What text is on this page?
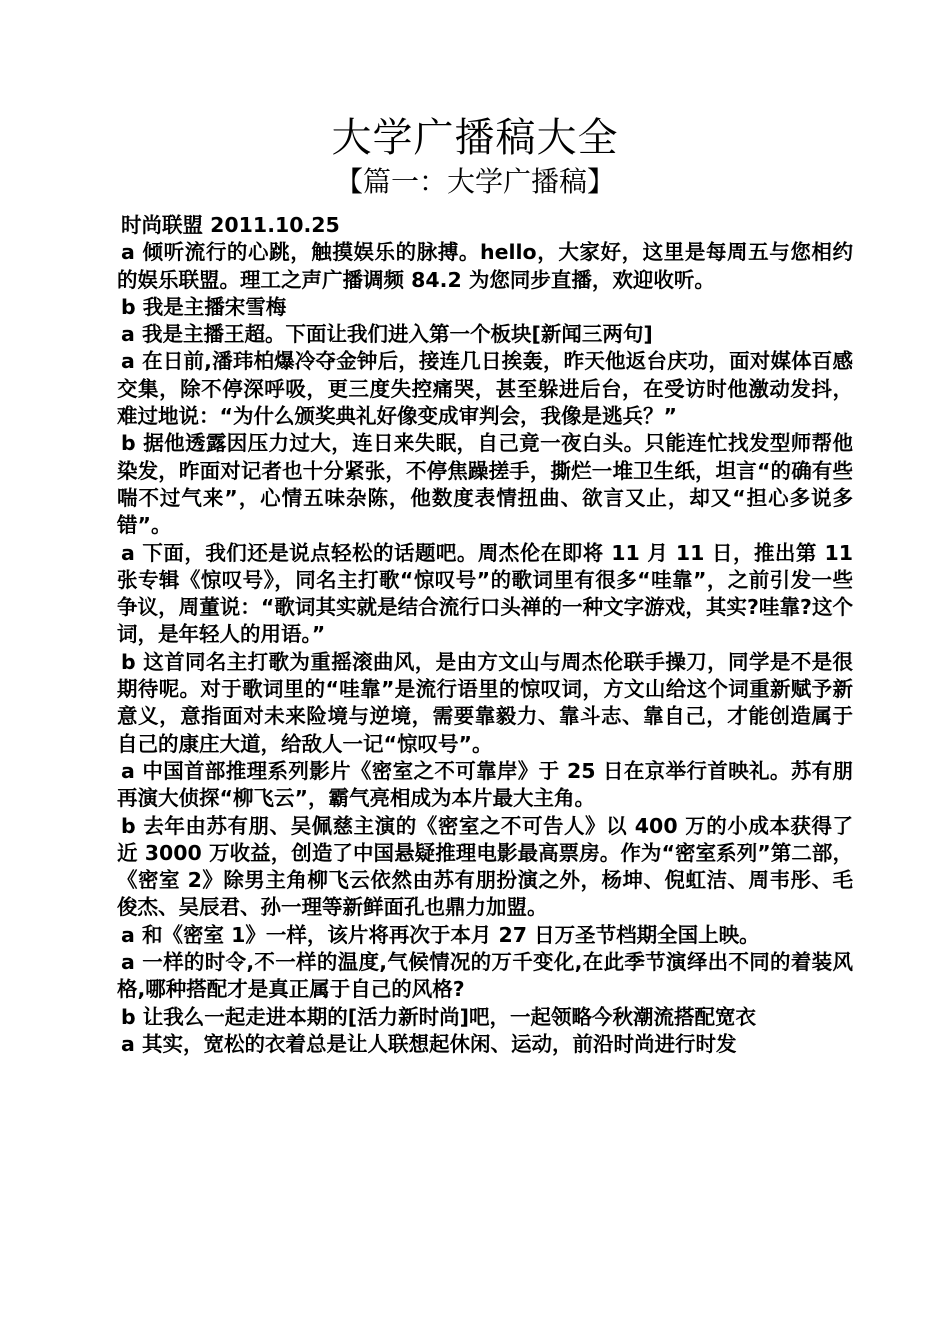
大学广播稿大全
【篇一：大学广播稿】

时尚联盟 2011.10.25

a 倾听流行的心跳，触摸娱乐的脉搏。hello，大家好，这里是每周五与您相约的娱乐联盟。理工之声广播调频 84.2 为您同步直播，欢迎收听。

b 我是主播宋雪梅

a 我是主播王超。下面让我们进入第一个板块[新闻三两句]

a 在日前,潘玮柏爆冷夺金钟后，接连几日挨轰，昨天他返台庆功，面对媒体百感交集，除不停深呼吸，更三度失控痛哭，甚至躲进后台，在受访时他激动发抖，难过地说：“为什么颁奖典礼好像变成审判会，我像是逃兵？”

b 据他透露因压力过大，连日来失眠，自己竟一夜白头。只能连忙找发型师帮他染发，昨面对记者也十分紧张，不停焦躁搓手，撕烂一堆卫生纸，坦言“的确有些喘不过气来”，心情五味杂陈，他数度表情扭曲、欲言又止，却又“担心多说多错”。

a 下面，我们还是说点轻松的话题吧。周杰伦在即将 11 月 11 日，推出第 11 张专辑《惊叹号》，同名主打歌“惊叹号”的歌词里有很多“哇靠”，之前引发一些争议，周董说：“歌词其实就是结合流行口头禅的一种文字游戏，其实?哇靠?这个词，是年轻人的用语。”

b 这首同名主打歌为重摇滚曲风，是由方文山与周杰伦联手操刀，同学是不是很期待呢。对于歌词里的“哇靠”是流行语里的惊叹词，方文山给这个词重新赋予新意义，意指面对未来险境与逆境，需要靠毅力、靠斗志、靠自己，才能创造属于自己的康庄大道，给敌人一记“惊叹号”。

a 中国首部推理系列影片《密室之不可靠岸》于 25 日在京举行首映礼。苏有朋再演大侦探“柳飞云”，霸气亮相成为本片最大主角。

b 去年由苏有朋、吴佩慈主演的《密室之不可告人》以 400 万的小成本获得了近 3000 万收益，创造了中国悬疑推理电影最高票房。作为“密室系列”第二部，《密室 2》除男主角柳飞云依然由苏有朋扮演之外，杨坤、倪虹洁、周韦彤、毛俊杰、吴辰君、孙一理等新鲜面孔也鼎力加盟。

a 和《密室 1》一样，该片将再次于本月 27 日万圣节档期全国上映。

a 一样的时令,不一样的温度,气候情况的万千变化,在此季节演绎出不同的着装风格,哪种搭配才是真正属于自己的风格?

b 让我么一起走进本期的[活力新时尚]吧，一起领略今秋潮流搭配宽衣

a 其实，宽松的衣着总是让人联想起休闲、运动，前沿时尚进行时发
